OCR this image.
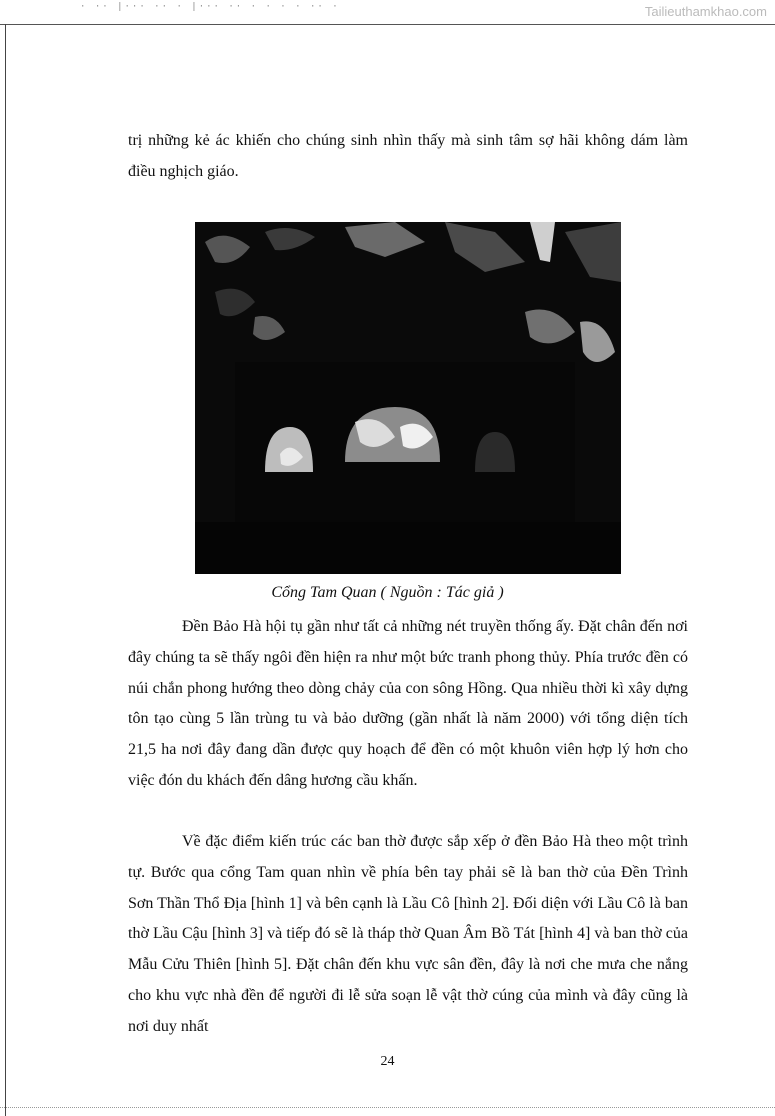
· ·· |··· ·· · |··· ·· · · · · ·· ·	Tailieuthamkhao.com

trị những kẻ ác khiến cho chúng sinh nhìn thấy mà sinh tâm sợ hãi không dám làm điều nghịch giáo.

Cổng Tam Quan ( Nguồn : Tác giả )

Đền Bảo Hà hội tụ gần như tất cả những nét truyền thống ấy. Đặt chân đến nơi đây chúng ta sẽ thấy ngôi đền hiện ra như một bức tranh phong thủy. Phía trước đền có núi chắn phong hướng theo dòng chảy của con sông Hồng. Qua nhiều thời kì xây dựng tôn tạo cùng 5 lần trùng tu và bảo dưỡng (gần nhất là năm 2000) với tổng diện tích 21,5 ha nơi đây đang dần được quy hoạch để đền có một khuôn viên hợp lý hơn cho việc đón du khách đến dâng hương cầu khấn.

Về đặc điểm kiến trúc các ban thờ được sắp xếp ở đền Bảo Hà theo một trình tự. Bước qua cổng Tam quan nhìn về phía bên tay phải sẽ là ban thờ của Đền Trình Sơn Thần Thổ Địa [hình 1] và bên cạnh là Lầu Cô [hình 2]. Đối diện với Lầu Cô là ban thờ Lầu Cậu [hình 3] và tiếp đó sẽ là tháp thờ Quan Âm Bồ Tát [hình 4] và ban thờ của Mẫu Cửu Thiên [hình 5]. Đặt chân đến khu vực sân đền, đây là nơi che mưa che nắng cho khu vực nhà đền để người đi lễ sửa soạn lễ vật thờ cúng của mình và đây cũng là nơi duy nhất

24
